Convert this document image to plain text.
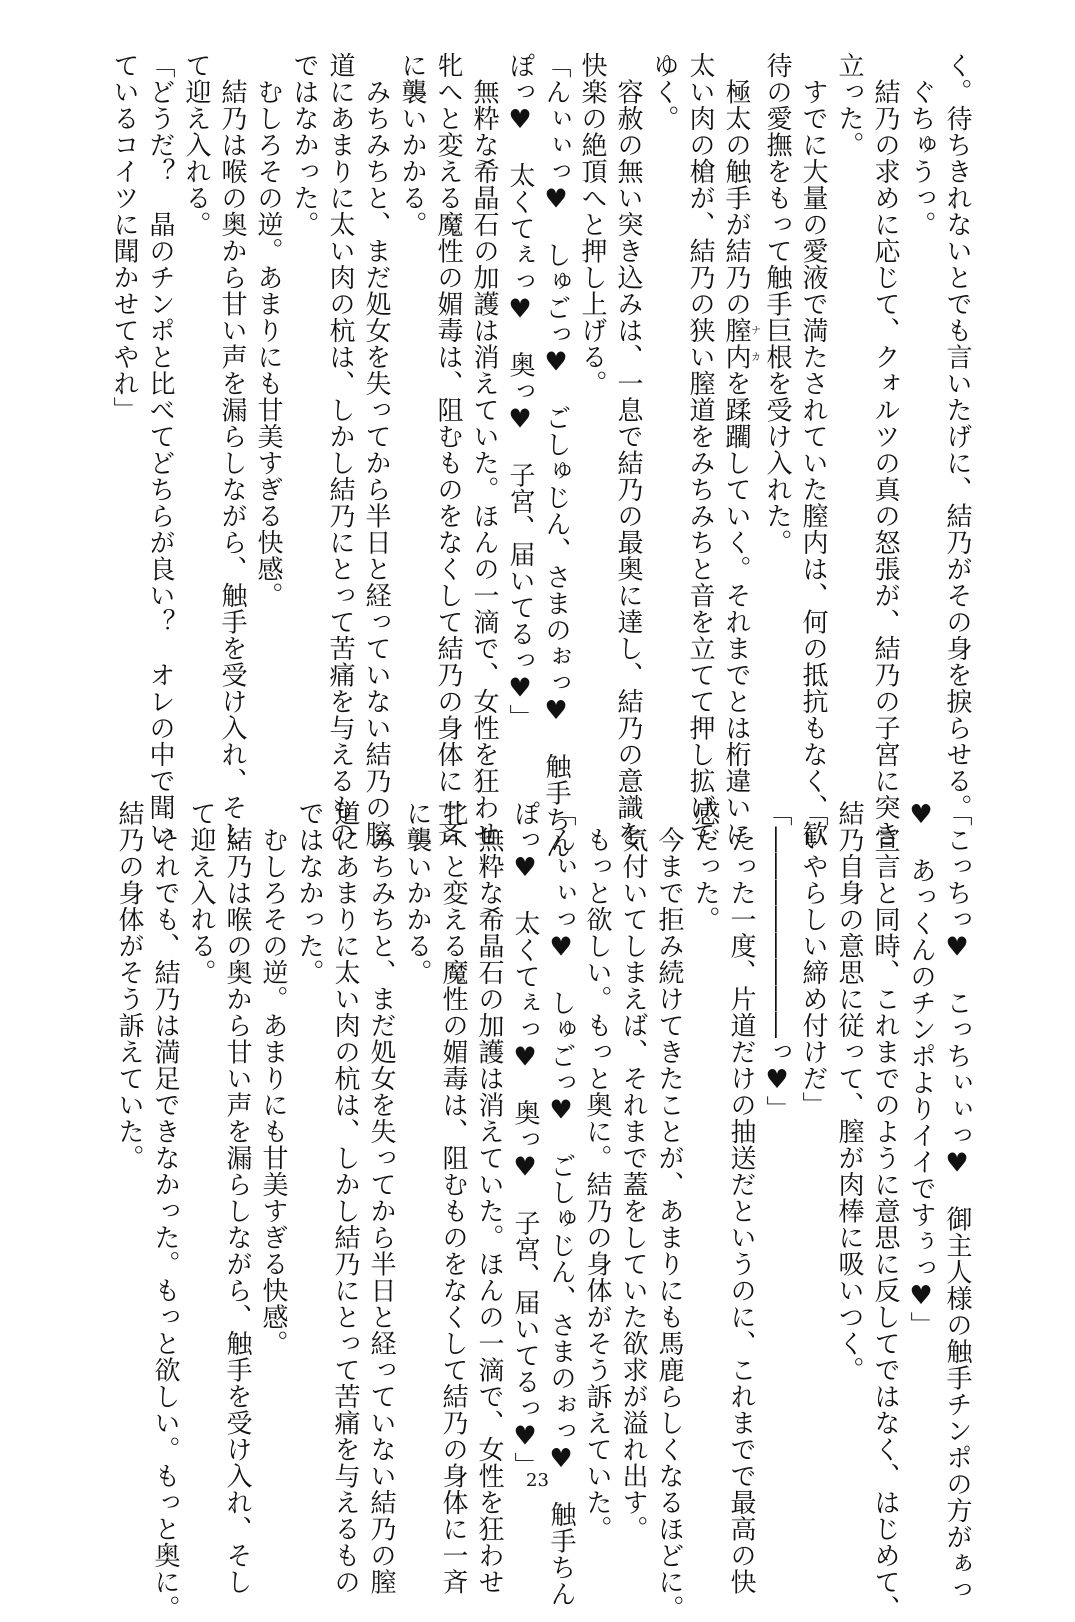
く。待ちきれないとでも言いたげに、結乃がその身を捩らせる。
　ぐちゅうっ。
　結乃の求めに応じて、クォルツの真の怒張が、結乃の子宮に突き
立った。
　すでに大量の愛液で満たされていた膣内は、何の抵抗もなく、歓
待の愛撫をもって触手巨根を受け入れた。
　極太の触手が結乃の膣内ナカを蹂躙していく。それまでとは桁違いに
太い肉の槍が、結乃の狭い膣道をみちみちと音を立てて押し拡げて
ゆく。
　容赦の無い突き込みは、一息で結乃の最奥に達し、結乃の意識を
快楽の絶頂へと押し上げる。
「んぃぃっ♥　しゅごっ♥　ごしゅじん、さまのぉっ♥　触手ちん
ぽっ♥　太くてぇっ♥　奥っ♥　子宮、届いてるっ♥」
　無粋な希晶石の加護は消えていた。ほんの一滴で、女性を狂わせ
牝へと変える魔性の媚毒は、阻むものをなくして結乃の身体に一斉
に襲いかかる。
　みちみちと、まだ処女を失ってから半日と経っていない結乃の膣
道にあまりに太い肉の杭は、しかし結乃にとって苦痛を与えるもの
ではなかった。
　むしろその逆。あまりにも甘美すぎる快感。
　結乃は喉の奥から甘い声を漏らしながら、触手を受け入れ、そし
て迎え入れる。
「どうだ？　晶のチンポと比べてどちらが良い？　オレの中で聞い
ているコイツに聞かせてやれ」
「こっちっ♥　こっちぃぃっ♥　御主人様の触手チンポの方がぁっ
♥　あっくんのチンポよりイイですぅっ♥」
　宣言と同時、これまでのように意思に反してではなく、はじめて、
結乃自身の意思に従って、膣が肉棒に吸いつく。
「いやらしい締め付けだ」
「――――――――っ♥」
　たった一度、片道だけの抽送だというのに、これまでで最高の快
感だった。
　今まで拒み続けてきたことが、あまりにも馬鹿らしくなるほどに。
　気付いてしまえば、それまで蓋をしていた欲求が溢れ出す。
　もっと欲しい。もっと奥に。結乃の身体がそう訴えていた。
「んぃぃっ♥　しゅごっ♥　ごしゅじん、さまのぉっ♥　触手ちん
ぽっ♥　太くてぇっ♥　奥っ♥　子宮、届いてるっ♥」
　無粋な希晶石の加護は消えていた。ほんの一滴で、女性を狂わせ
牝へと変える魔性の媚毒は、阻むものをなくして結乃の身体に一斉
に襲いかかる。
　みちみちと、まだ処女を失ってから半日と経っていない結乃の膣
道にあまりに太い肉の杭は、しかし結乃にとって苦痛を与えるもの
ではなかった。
　むしろその逆。あまりにも甘美すぎる快感。
　結乃は喉の奥から甘い声を漏らしながら、触手を受け入れ、そし
て迎え入れる。
　それでも、結乃は満足できなかった。もっと欲しい。もっと奥に。
結乃の身体がそう訴えていた。
23
